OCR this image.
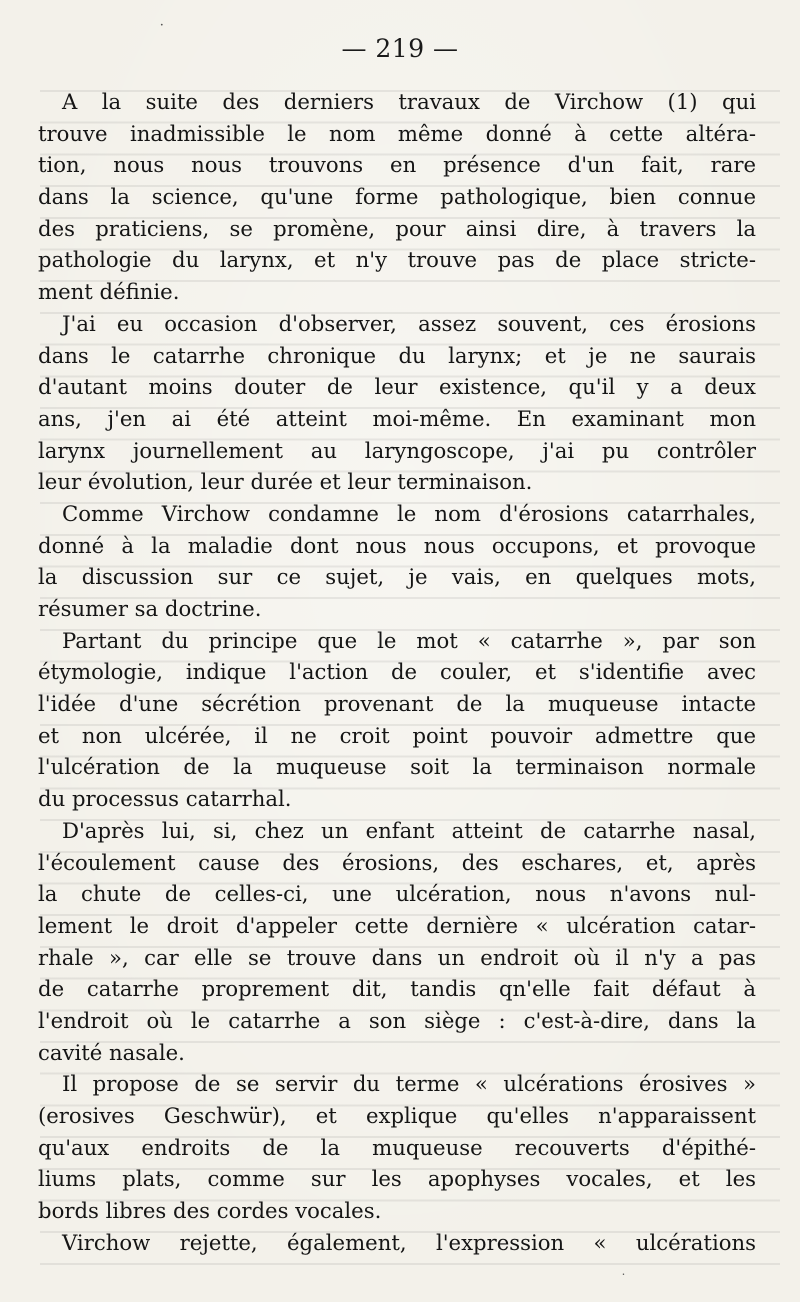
— 219 —
A la suite des derniers travaux de Virchow (1) qui
trouve inadmissible le nom même donné à cette altéra-
tion, nous nous trouvons en présence d'un fait, rare
dans la science, qu'une forme pathologique, bien connue
des praticiens, se promène, pour ainsi dire, à travers la
pathologie du larynx, et n'y trouve pas de place stricte-
ment définie.
J'ai eu occasion d'observer, assez souvent, ces érosions
dans le catarrhe chronique du larynx; et je ne saurais
d'autant moins douter de leur existence, qu'il y a deux
ans, j'en ai été atteint moi-même. En examinant mon
larynx journellement au laryngoscope, j'ai pu contrôler
leur évolution, leur durée et leur terminaison.
Comme Virchow condamne le nom d'érosions catarrhales,
donné à la maladie dont nous nous occupons, et provoque
la discussion sur ce sujet, je vais, en quelques mots,
résumer sa doctrine.
Partant du principe que le mot « catarrhe », par son
étymologie, indique l'action de couler, et s'identifie avec
l'idée d'une sécrétion provenant de la muqueuse intacte
et non ulcérée, il ne croit point pouvoir admettre que
l'ulcération de la muqueuse soit la terminaison normale
du processus catarrhal.
D'après lui, si, chez un enfant atteint de catarrhe nasal,
l'écoulement cause des érosions, des eschares, et, après
la chute de celles-ci, une ulcération, nous n'avons nul-
lement le droit d'appeler cette dernière « ulcération catar-
rhale », car elle se trouve dans un endroit où il n'y a pas
de catarrhe proprement dit, tandis qn'elle fait défaut à
l'endroit où le catarrhe a son siège : c'est-à-dire, dans la
cavité nasale.
Il propose de se servir du terme « ulcérations érosives »
(erosives Geschwür), et explique qu'elles n'apparaissent
qu'aux endroits de la muqueuse recouverts d'épithé-
liums plats, comme sur les apophyses vocales, et les
bords libres des cordes vocales.
Virchow rejette, également, l'expression « ulcérations
•
•
